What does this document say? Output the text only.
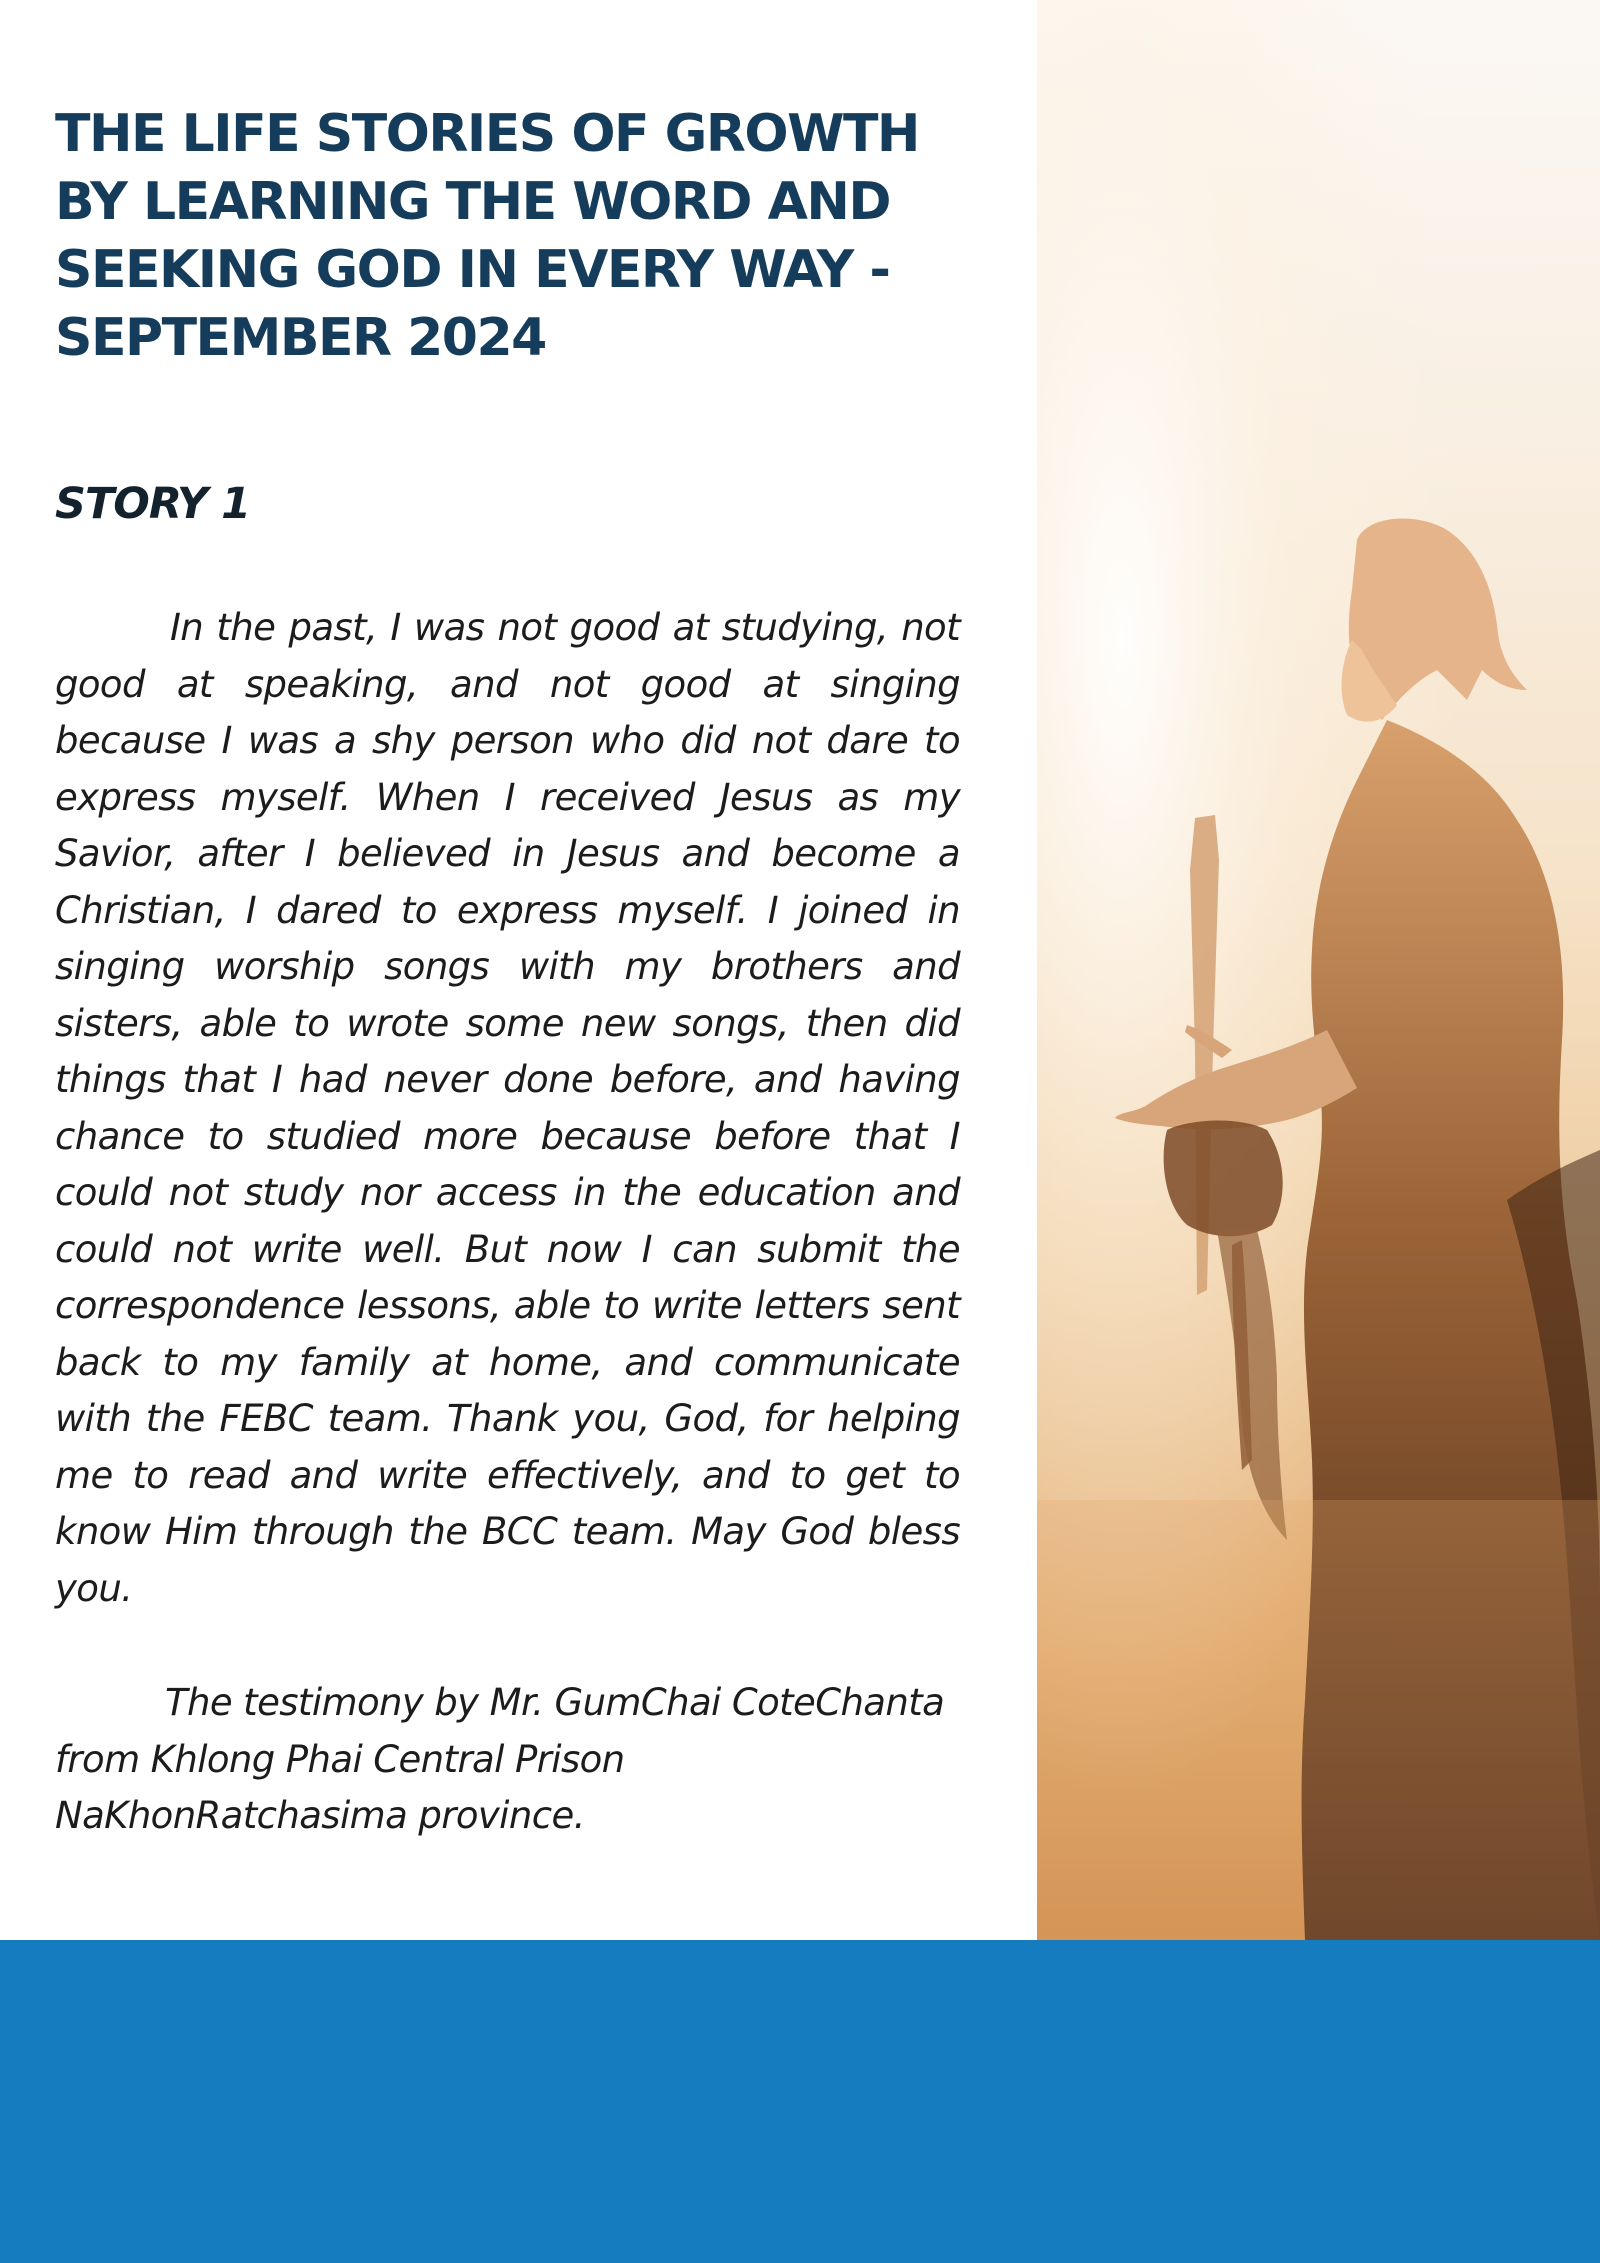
THE LIFE STORIES OF GROWTH BY LEARNING THE WORD AND SEEKING GOD IN EVERY WAY - SEPTEMBER 2024
STORY 1

In the past, I was not good at studying, not good at speaking, and not good at singing because I was a shy person who did not dare to express myself. When I received Jesus as my Savior, after I believed in Jesus and become a Christian, I dared to express myself. I joined in singing worship songs with my brothers and sisters, able to wrote some new songs, then did things that I had never done before, and having chance to studied more because before that I could not study nor access in the education and could not write well. But now I can submit the correspondence lessons, able to write letters sent back to my family at home, and communicate with the FEBC team. Thank you, God, for helping me to read and write effectively, and to get to know Him through the BCC team. May God bless you.

The testimony by Mr. GumChai CoteChanta from Khlong Phai Central Prison NaKhonRatchasima province.
